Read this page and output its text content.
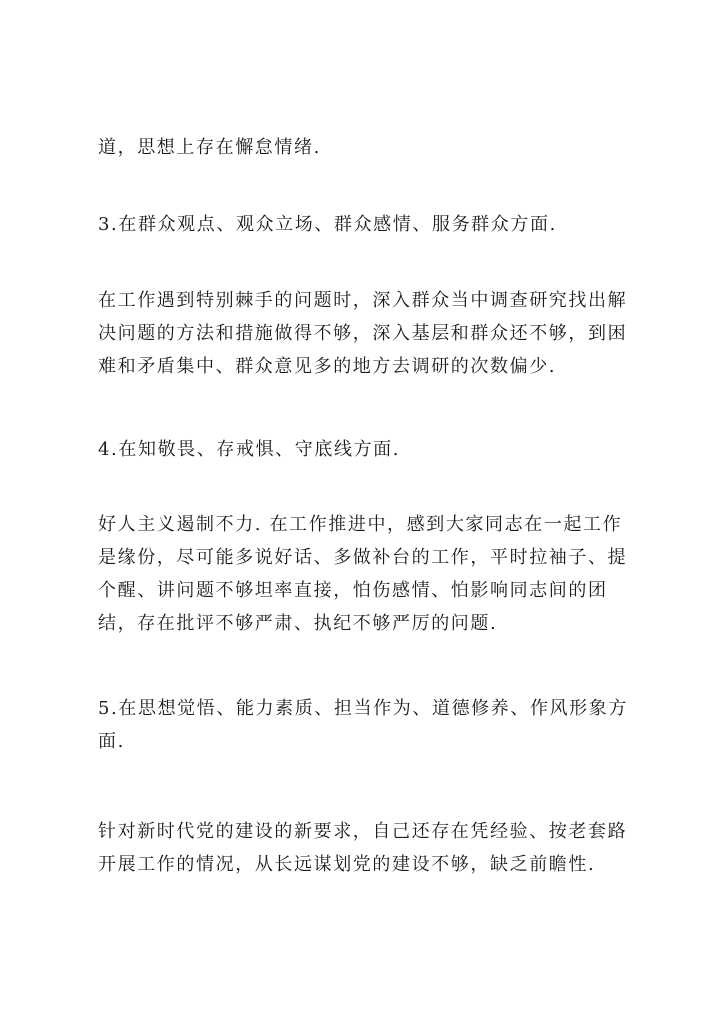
道，思想上存在懈怠情绪.

3.在群众观点、观众立场、群众感情、服务群众方面.

在工作遇到特别棘手的问题时，深入群众当中调查研究找出解决问题的方法和措施做得不够，深入基层和群众还不够，到困难和矛盾集中、群众意见多的地方去调研的次数偏少.

4.在知敬畏、存戒惧、守底线方面.

好人主义遏制不力. 在工作推进中，感到大家同志在一起工作是缘份，尽可能多说好话、多做补台的工作，平时拉袖子、提个醒、讲问题不够坦率直接，怕伤感情、怕影响同志间的团结，存在批评不够严肃、执纪不够严厉的问题.

5.在思想觉悟、能力素质、担当作为、道德修养、作风形象方面.

针对新时代党的建设的新要求，自己还存在凭经验、按老套路开展工作的情况，从长远谋划党的建设不够，缺乏前瞻性.
